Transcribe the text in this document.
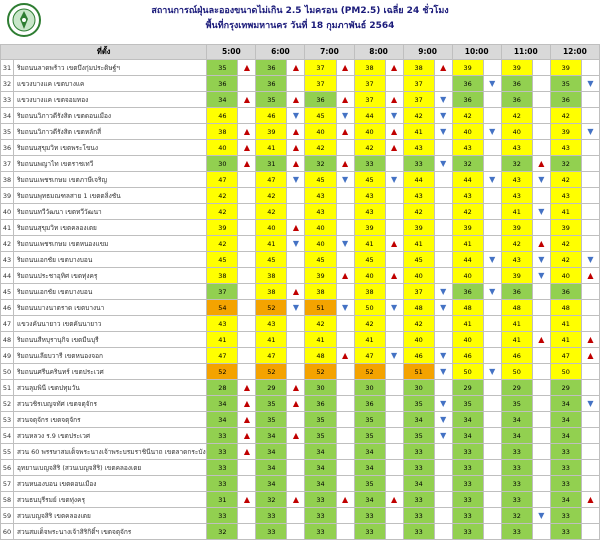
สถานการณ์ฝุ่นละอองขนาดไม่เกิน 2.5 ไมครอน (PM2.5) เฉลี่ย 24 ชั่วโมง
พื้นที่กรุงเทพมหานคร วันที่ 18 กุมภาพันธ์ 2564
ที่ตั้ง		5:00		6:00		7:00		8:00		9:00		10:00		11:00		12:00	
31	ริมถนนลาดพร้าว เขตบึงกุ่มประดิษฐ์ฯ	35	▲	36	▲	37	▲	38	▲	38	▲	39		39		39	
32	แขวงบางแค เขตบางแค	36		36		37		37		37		36	▼	36		35	▼
33	แขวงบางแค เขตจอมทอง	34	▲	35	▲	36	▲	37	▲	37	▼	36		36		36	
34	ริมถนนวิภาวดีรังสิต เขตดอนเมือง	46		46	▼	45	▼	44	▼	42	▼	42		42		42	
35	ริมถนนวิภาวดีรังสิต เขตหลักสี่	38	▲	39	▲	40	▲	40	▲	41	▼	40	▼	40		39	▼
36	ริมถนนสุขุมวิท เขตพระโขนง	40	▲	41	▲	42		42	▲	43		43		43		43	
37	ริมถนนพญาไท เขตราชเทวี	30	▲	31	▲	32	▲	33		33	▼	32		32	▲	32	
38	ริมถนนเพชรเกษม เขตภาษีเจริญ	47		47	▼	45	▼	45	▼	44		44	▼	43	▼	42	
39	ริมถนนพุทธมณฑลสาย 1 เขตตลิ่งชัน	42		42		43		43		43		43		43		43	
40	ริมถนนทวีวัฒนา เขตทวีวัฒนา	42		42		43		43		42		42		41	▼	41	
41	ริมถนนสุขุมวิท เขตคลองเตย	39		40	▲	40		39		39		39		39		39	
42	ริมถนนเพชรเกษม เขตหนองแขม	42		41	▼	40	▼	41	▲	41		41		42	▲	42	
43	ริมถนนเอกชัย เขตบางบอน	45		45		45		45		45		44	▼	43	▼	42	▼
44	ริมถนนประชาอุทิศ เขตทุ่งครุ	38		38		39	▲	40	▲	40		40		39	▼	40	▲
45	ริมถนนเอกชัย เขตบางบอน	37		38	▲	38		38		37	▼	36	▼	36		36	
46	ริมถนนบางนาตราด เขตบางนา	54		52	▼	51	▼	50	▼	48	▼	48		48		48	
47	แขวงคันนายาว เขตคันนายาว	43		43		42		42		42		41		41		41	
48	ริมถนนสีหบุรานุกิจ เขตมีนบุรี	41		41		41		41		40		40		41	▲	41	▲
49	ริมถนนเลียบวารี เขตหนองจอก	47		47		48	▲	47	▼	46	▼	46		46		47	▲
50	ริมถนนศรีนครินทร์ เขตประเวศ	52		52		52		52		51	▼	50	▼	50		50	
51	สวนลุมพินี เขตปทุมวัน	28	▲	29	▲	30		30		30		29		29		29	
52	สวนวชิรเบญจทัศ เขตจตุจักร	34	▲	35	▲	36		36		35	▼	35		35		34	▼
53	สวนจตุจักร เขตจตุจักร	34	▲	35		35		35		34	▼	34		34		34	
54	สวนหลวง ร.9 เขตประเวศ	33	▲	34	▲	35		35		35	▼	34		34		34	
55	สวน 60 พรรษาสมเด็จพระนางเจ้าพระบรมราชินีนาถ เขตลาดกระบัง	33	▲	34		34		34		33		33		33		33	
56	อุทยานเบญจสิริ (สวนเบญจสิริ) เขตคลองเตย	33		34		34		34		33		33		33		33	
57	สวนหนองบอน เขตดอนเมือง	33		34		34		35		34		33		33		33	
58	สวนธนบุรีรมย์ เขตทุ่งครุ	31	▲	32	▲	33	▲	34	▲	33		33		33		34	▲
59	สวนเบญจสิริ เขตคลองเตย	33		33		33		33		33		33		32	▼	33	
60	สวนสมเด็จพระนางเจ้าสิริกิติ์ฯ เขตจตุจักร	32		33		33		33		33		33		33		33	
